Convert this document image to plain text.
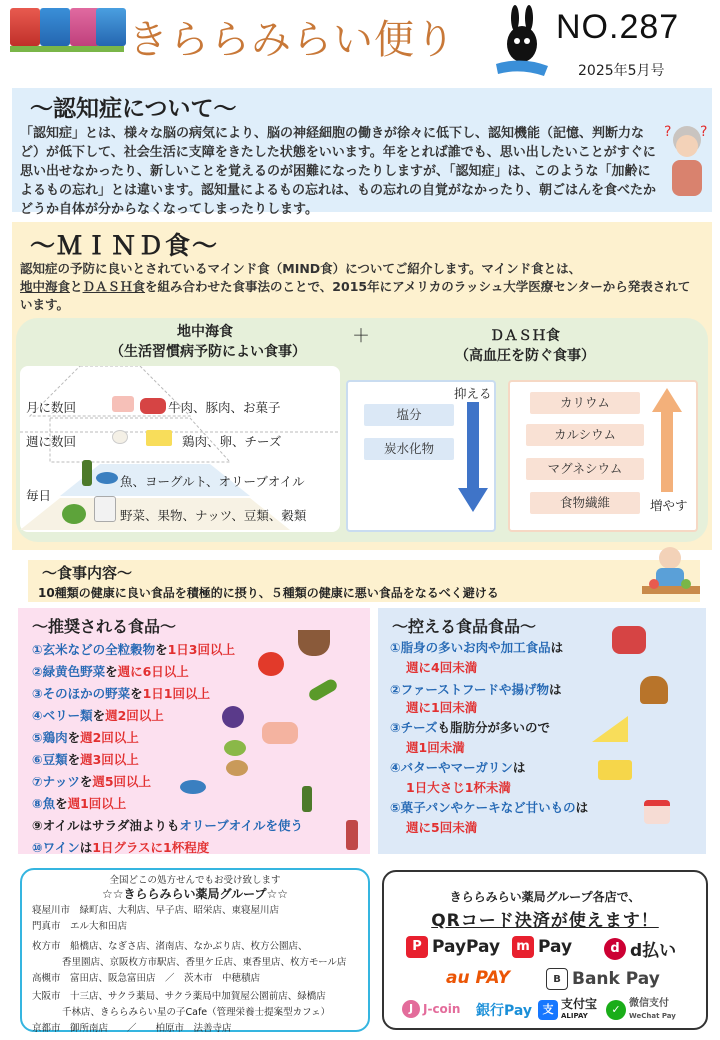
きららみらい便り	NO.287
2025年5月号
～認知症について～
「認知症」とは、様々な脳の病気により、脳の神経細胞の働きが徐々に低下し、認知機能（記憶、判断力など）が低下して、社会生活に支障をきたした状態をいいます。年をとれば誰でも、思い出したいことがすぐに思い出せなかったり、新しいことを覚えるのが困難になったりしますが、「認知症」は、このような「加齢によるもの忘れ」とは違います。認知量によるもの忘れは、もの忘れの自覚がなかったり、朝ごはんを食べたかどうか自体が分からなくなってしまったりします。
? ?
～ＭＩＮＤ食～
認知症の予防に良いとされているマインド食（MIND食）についてご紹介します。マインド食とは、
地中海食とＤＡＳＨ食を組み合わせた食事法のことで、2015年にアメリカのラッシュ大学医療センターから発表されています。
地中海食
（生活習慣病予防によい食事）
＋	ＤＡＳＨ食
（高血圧を防ぐ食事）
月に数回	牛肉、豚肉、お菓子
週に数回	鶏肉、卵、チーズ
毎日
魚、ヨーグルト、オリーブオイル
野菜、果物、ナッツ、豆類、穀類
抑える
塩分
炭水化物
カリウム
カルシウム
マグネシウム
食物繊維	増やす
～食事内容～
10種類の健康に良い食品を積極的に摂り、５種類の健康に悪い食品をなるべく避ける
～推奨される食品～
①玄米などの全粒穀物を1日3回以上
②緑黄色野菜を週に6日以上
③そのほかの野菜を1日1回以上
④ベリー類を週2回以上
⑤鶏肉を週2回以上
⑥豆類を週3回以上
⑦ナッツを週5回以上
⑧魚を週1回以上
⑨オイルはサラダ油よりもオリーブオイルを使う
⑩ワインは1日グラスに1杯程度
～控える食品食品～
①脂身の多いお肉や加工食品は
週に4回未満
②ファーストフードや揚げ物は
週に1回未満
③チーズも脂肪分が多いので
週1回未満
④バターやマーガリンは
1日大さじ1杯未満
⑤菓子パンやケーキなど甘いものは
週に5回未満
全国どこの処方せんでもお受け致します
☆☆きららみらい薬局グループ☆☆
寝屋川市　 緑町店、大利店、早子店、昭栄店、東寝屋川店
門真市　 エル大和田店
枚方市　 船橋店、なぎさ店、渚南店、なかぶり店、枚方公園店、
香里園店、京阪枚方市駅店、香里ケ丘店、東香里店、枚方モール店
高槻市　 富田店、阪急富田店　／　茨木市　中穂積店
大阪市　 十三店、サクラ薬局、サクラ薬局中加賀屋公園前店、緑橋店
千林店、きららみらい星の子Cafe（管理栄養士提案型カフェ）
京都市　 御所南店　　／　　柏原市　法善寺店
きららみらい薬局グループ各店で、
QRコード決済が使えます！
P PayPay	m Pay	d d払い
au PAY	B Bank Pay
J J-coin 銀行Pay 支 支付宝
ALIPAY	✓ 微信支付
WeChat Pay
